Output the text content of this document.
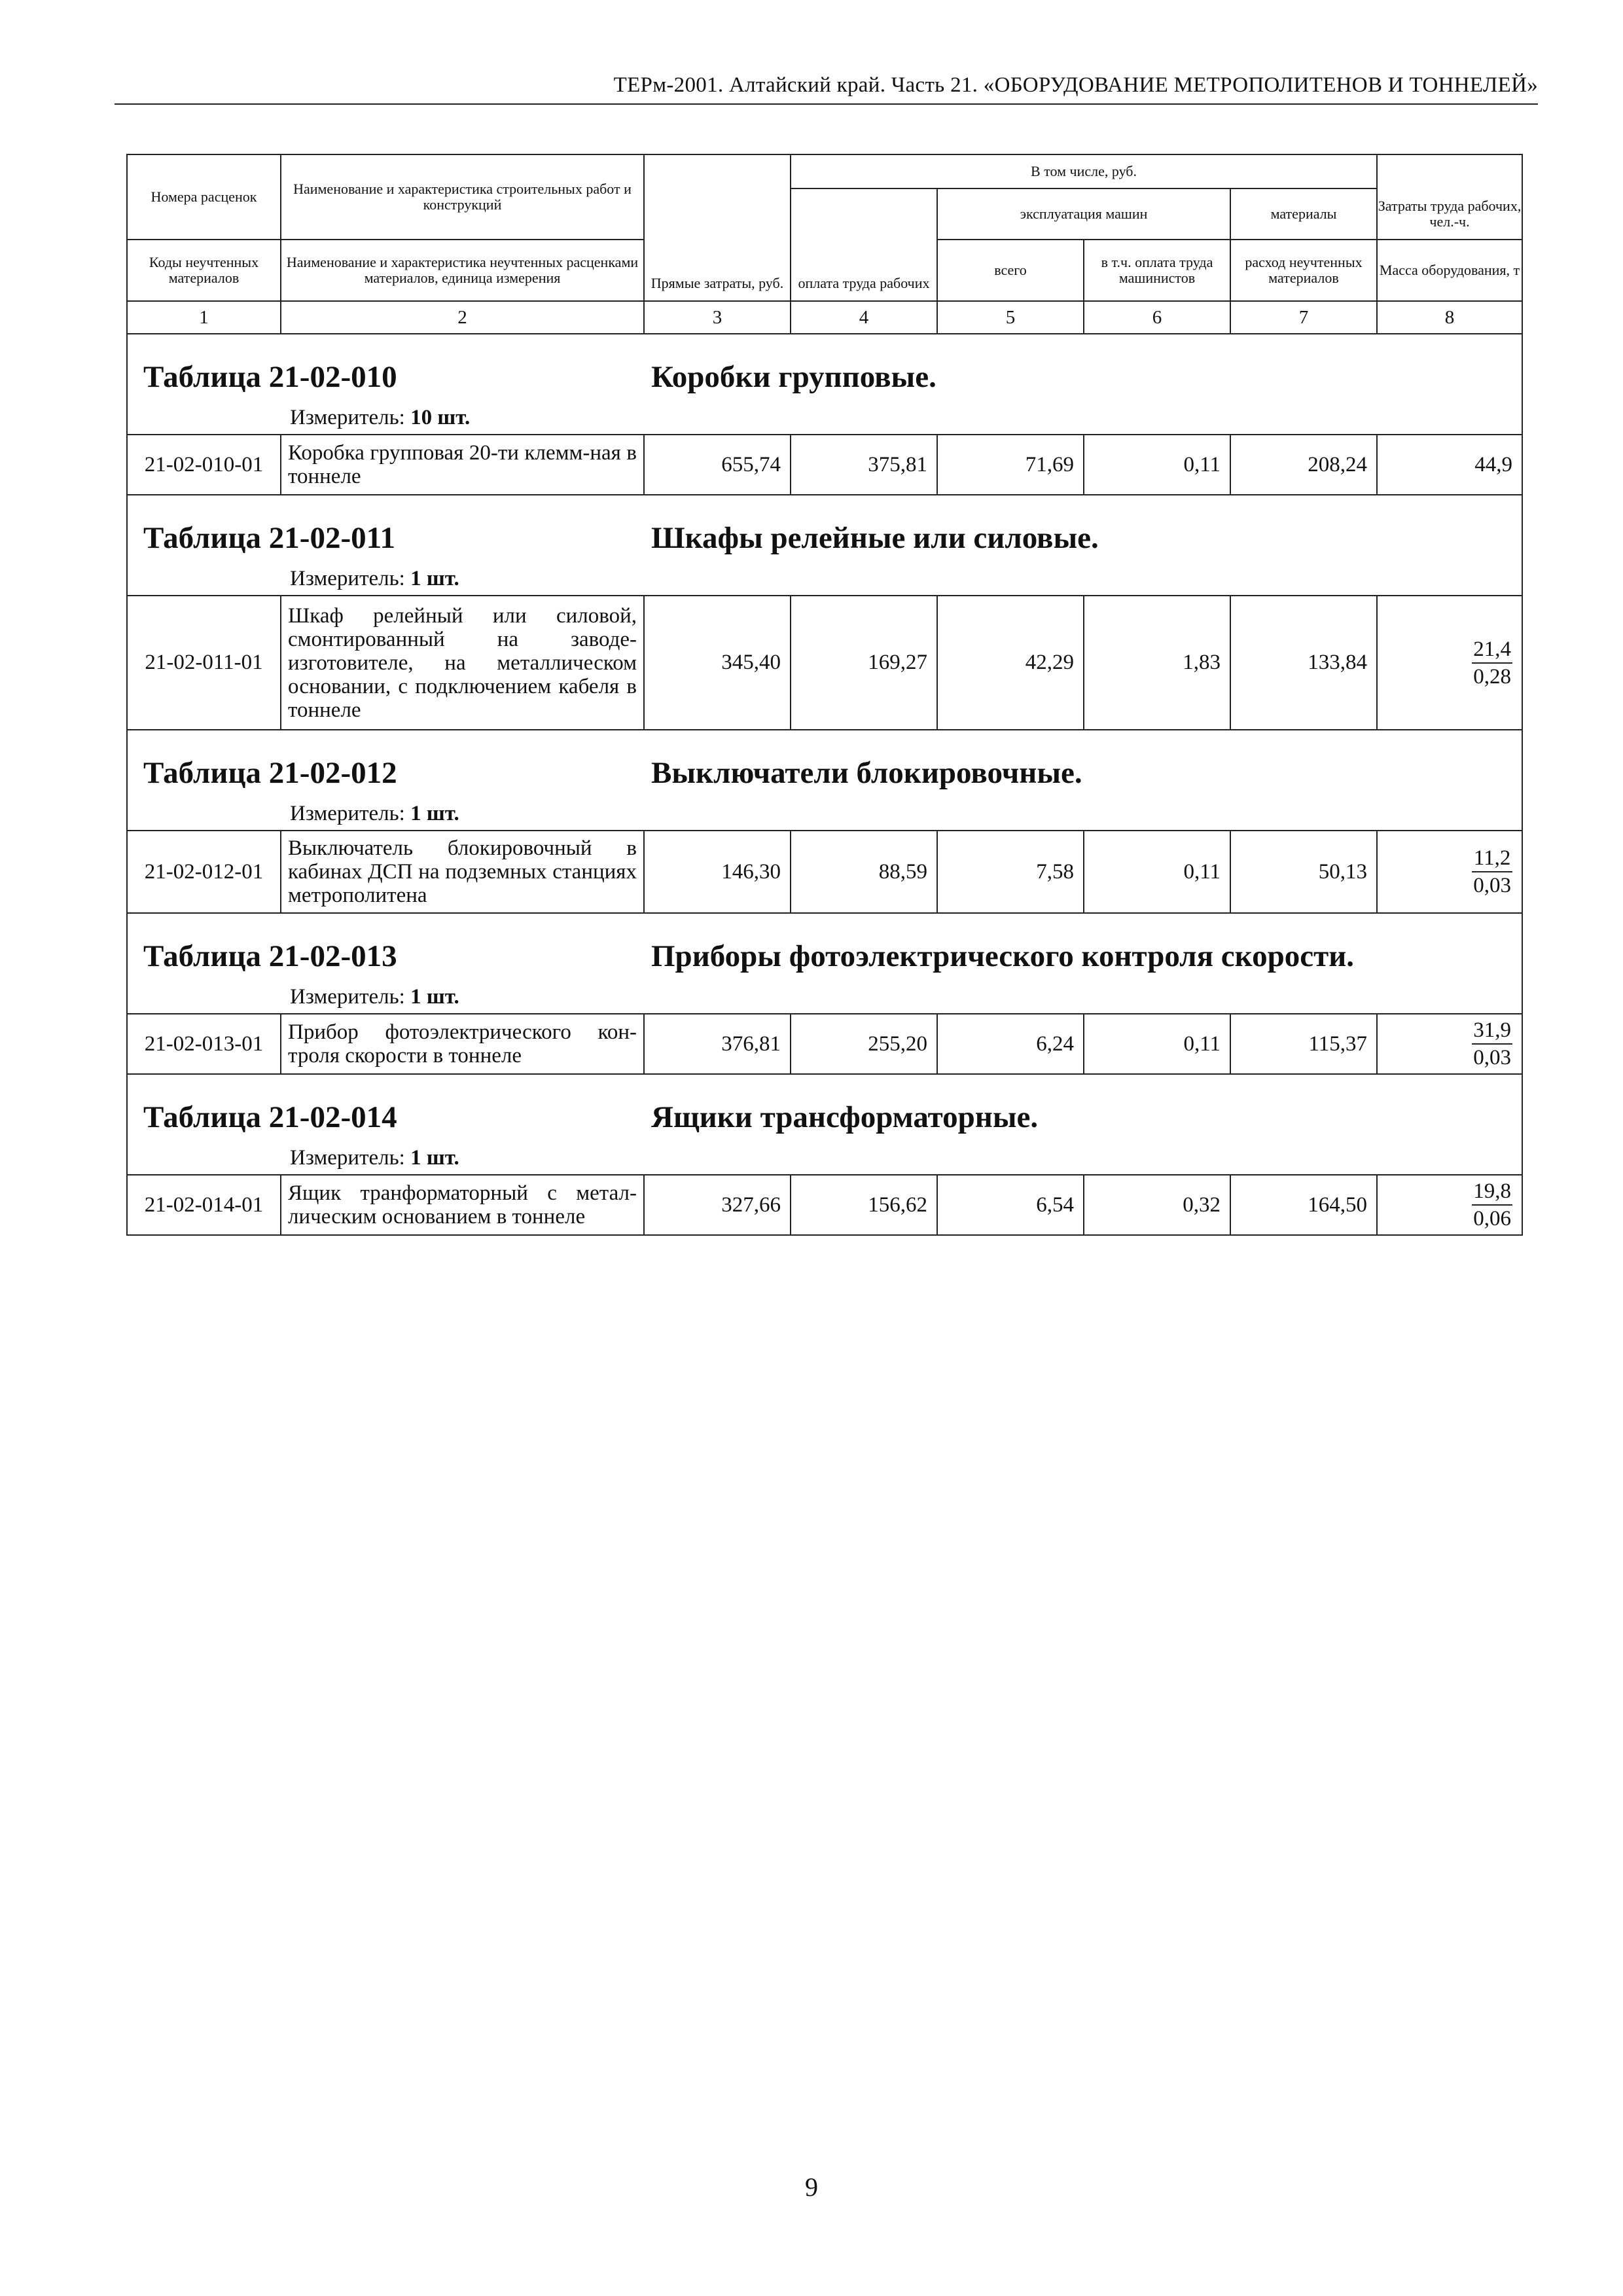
ТЕРм-2001. Алтайский край. Часть 21. «ОБОРУДОВАНИЕ МЕТРОПОЛИТЕНОВ И ТОННЕЛЕЙ»
Номера расценок	Наименование и характеристика строительных работ и конструкций	Прямые затраты, руб.	В том числе, руб.				
			оплата труда рабочих	эксплуатация машин		материалы	Затраты труда рабочих, чел.-ч.
Коды неучтенных материалов	Наименование и характеристика неучтенных расценками материалов, единица измерения			всего	в т.ч. оплата труда машинистов	расход неучтенных материалов	Масса оборудования, т
1	2	3	4	5	6	7	8

Таблица 21-02-010 Коробки групповые.
Измеритель: 10 шт.							

21-02-010-01	Коробка групповая 20-ти клемм-ная в тоннеле	655,74	375,81	71,69	0,11	208,24	44,9

Таблица 21-02-011 Шкафы релейные или силовые.
Измеритель: 1 шт.							

21-02-011-01	Шкаф релейный или силовой, смонтированный на заводе-изготовителе, на металлическом основании, с подключением кабеля в тоннеле	345,40	169,27	42,29	1,83	133,84	$\frac{21,4}{0,28}$

Таблица 21-02-012 Выключатели блокировочные.
Измеритель: 1 шт.							

21-02-012-01	Выключатель блокировочный в кабинах ДСП на подземных станциях метрополитена	146,30	88,59	7,58	0,11	50,13	$\frac{11,2}{0,03}$

Таблица 21-02-013 Приборы фотоэлектрического контроля скорости.
Измеритель: 1 шт.							

21-02-013-01	Прибор фотоэлектрического кон-троля скорости в тоннеле	376,81	255,20	6,24	0,11	115,37	$\frac{31,9}{0,03}$

Таблица 21-02-014 Ящики трансформаторные.
Измеритель: 1 шт.							

21-02-014-01	Ящик транформаторный с метал-лическим основанием в тоннеле	327,66	156,62	6,54	0,32	164,50	$\frac{19,8}{0,06}$
9
